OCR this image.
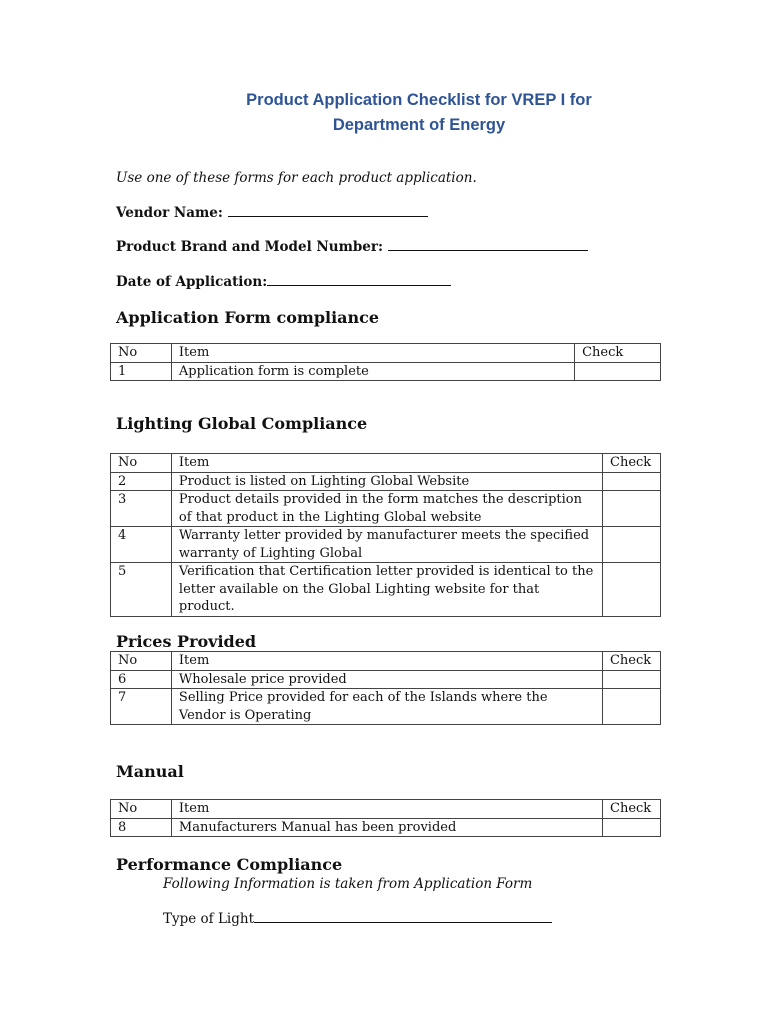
Product Application Checklist for VREP I for
Department of Energy
Use one of these forms for each product application.
Vendor Name:
Product Brand and Model Number:
Date of Application:
Application Form compliance
No	Item	Check
1	Application form is complete	
Lighting Global Compliance
No	Item	Check
2	Product is listed on Lighting Global Website	
3	Product details provided in the form matches the description of that product in the Lighting Global website	
4	Warranty letter provided by manufacturer meets the specified warranty of Lighting Global	
5	Verification that Certification letter provided is identical to the letter available on the Global Lighting website for that product.	
Prices Provided
No	Item	Check
6	Wholesale price provided	
7	Selling Price provided for each of the Islands where the Vendor is Operating	
Manual
No	Item	Check
8	Manufacturers Manual has been provided	
Performance Compliance
Following Information is taken from Application Form
Type of Light
